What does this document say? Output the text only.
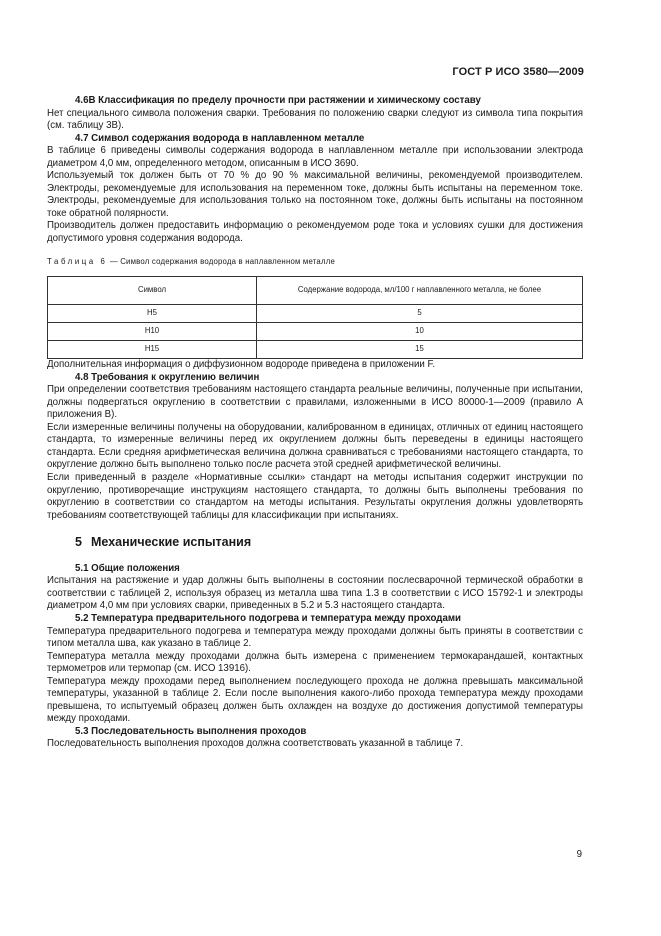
ГОСТ Р ИСО 3580—2009

4.6В Классификация по пределу прочности при растяжении и химическому составу

Нет специального символа положения сварки. Требования по положению сварки следуют из символа типа покрытия (см. таблицу 3В).

4.7 Символ содержания водорода в наплавленном металле

В таблице 6 приведены символы содержания водорода в наплавленном металле при использовании электрода диаметром 4,0 мм, определенного методом, описанным в ИСО 3690.

Используемый ток должен быть от 70 % до 90 % максимальной величины, рекомендуемой производителем. Электроды, рекомендуемые для использования на переменном токе, должны быть испытаны на переменном токе. Электроды, рекомендуемые для использования только на постоянном токе, должны быть испытаны на постоянном токе обратной полярности.

Производитель должен предоставить информацию о рекомендуемом роде тока и условиях сушки для достижения допустимого уровня содержания водорода.

Таблица 6 — Символ содержания водорода в наплавленном металле
Символ	Содержание водорода, мл/100 г наплавленного металла, не более
H5	5
H10	10
H15	15

Дополнительная информация о диффузионном водороде приведена в приложении F.

4.8 Требования к округлению величин

При определении соответствия требованиям настоящего стандарта реальные величины, полученные при испытании, должны подвергаться округлению в соответствии с правилами, изложенными в ИСО 80000-1—2009 (правило А приложения В).

Если измеренные величины получены на оборудовании, калиброванном в единицах, отличных от единиц настоящего стандарта, то измеренные величины перед их округлением должны быть переведены в единицы настоящего стандарта. Если средняя арифметическая величина должна сравниваться с требованиями настоящего стандарта, то округление должно быть выполнено только после расчета этой средней арифметической величины.

Если приведенный в разделе «Нормативные ссылки» стандарт на методы испытания содержит инструкции по округлению, противоречащие инструкциям настоящего стандарта, то должны быть выполнены требования по округлению в соответствии со стандартом на методы испытания. Результаты округления должны удовлетворять требованиям соответствующей таблицы для классификации при испытаниях.

5 Механические испытания

5.1 Общие положения

Испытания на растяжение и удар должны быть выполнены в состоянии послесварочной термической обработки в соответствии с таблицей 2, используя образец из металла шва типа 1.3 в соответствии с ИСО 15792-1 и электроды диаметром 4,0 мм при условиях сварки, приведенных в 5.2 и 5.3 настоящего стандарта.

5.2 Температура предварительного подогрева и температура между проходами

Температура предварительного подогрева и температура между проходами должны быть приняты в соответствии с типом металла шва, как указано в таблице 2.

Температура металла между проходами должна быть измерена с применением термокарандашей, контактных термометров или термопар (см. ИСО 13916).

Температура между проходами перед выполнением последующего прохода не должна превышать максимальной температуры, указанной в таблице 2. Если после выполнения какого-либо прохода температура между проходами превышена, то испытуемый образец должен быть охлажден на воздухе до достижения допустимой температуры между проходами.

5.3 Последовательность выполнения проходов

Последовательность выполнения проходов должна соответствовать указанной в таблице 7.

9
